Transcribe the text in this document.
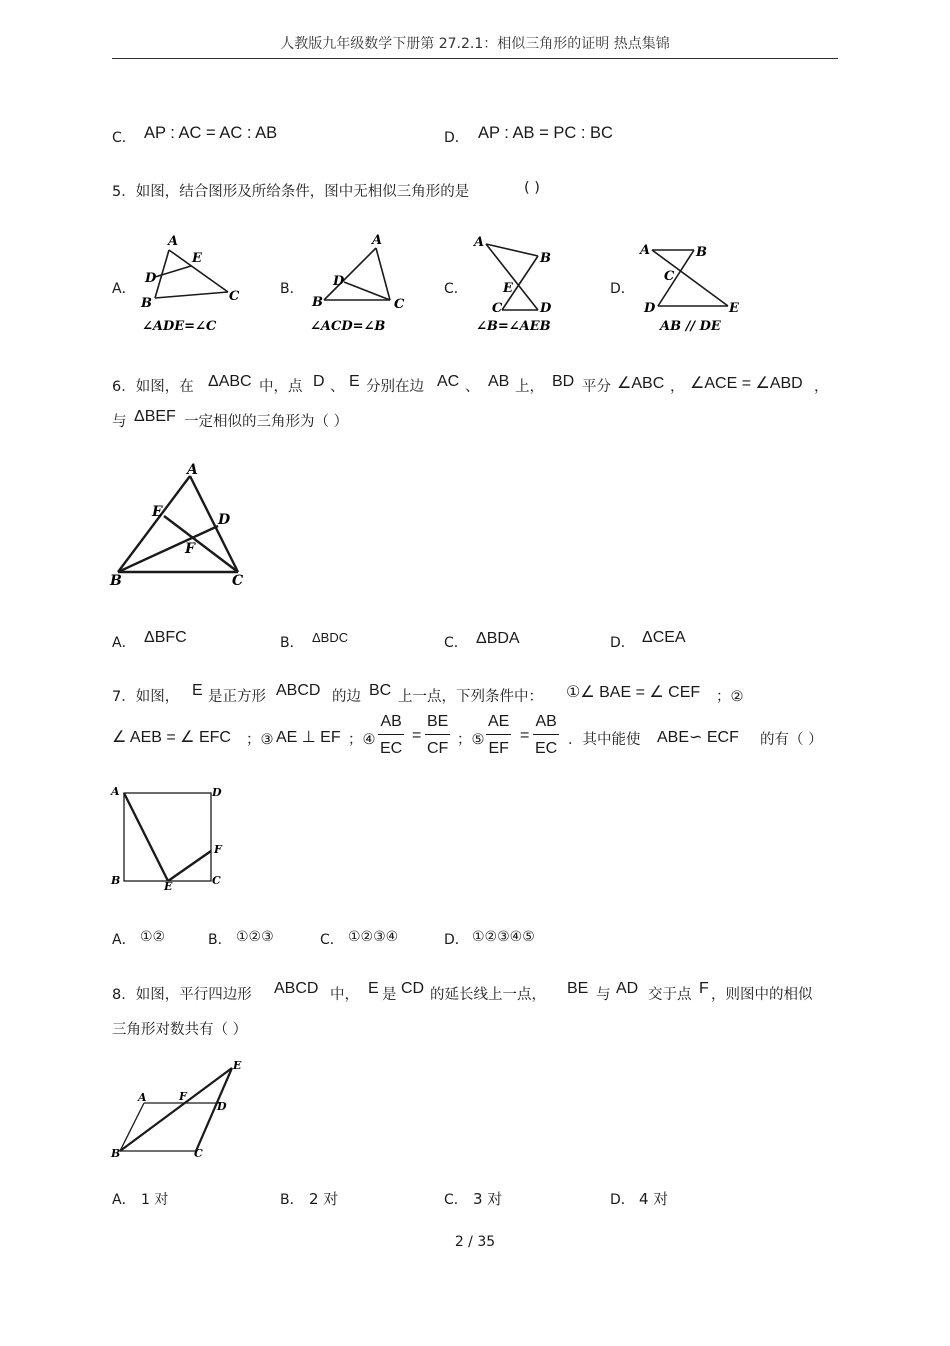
人教版九年级数学下册第 27.2.1：相似三角形的证明 热点集锦
C． AP : AC = AC : AB	D． AP : AB = PC : BC
5．如图，结合图形及所给条件，图中无相似三角形的是	( )
A．
A
E
D
B	C
∠ADE=∠C
B．
A
D
B	C
∠ACD=∠B
C．
A
B
E
C	D
∠B=∠AEB
D．
A	B
C
D	E
AB // DE
6．如图，在 ΔABC 中，点 D 、 E 分别在边 AC 、 AB 上， BD 平分 ∠ABC ， ∠ACE = ∠ABD ，
与 ΔBEF 一定相似的三角形为（ ）
A
E	D
F
B	C
A． ΔBFC	B． ΔBDC	C． ΔBDA	D． ΔCEA
7．如图， E 是正方形 ABCD 的边 BC 上一点，下列条件中： ①∠ BAE = ∠ CEF ；②
∠ AEB = ∠ EFC ；③ AE ⊥ EF ；④ $\frac{AB}{EC} = \frac{BE}{CF}$ ；⑤ $\frac{AE}{EF} = \frac{AB}{EC}$ ．其中能使 ABE∽ ECF 的有（ ）
A	D
F
B	E	C
A． ①②	B． ①②③	C． ①②③④	D． ①②③④⑤
8．如图，平行四边形 ABCD 中， E 是 CD 的延长线上一点， BE 与 AD 交于点 F ，则图中的相似
三角形对数共有（ ）
A	F
E
D
B	C
A． 1 对	B． 2 对	C． 3 对	D． 4 对
2 / 35
